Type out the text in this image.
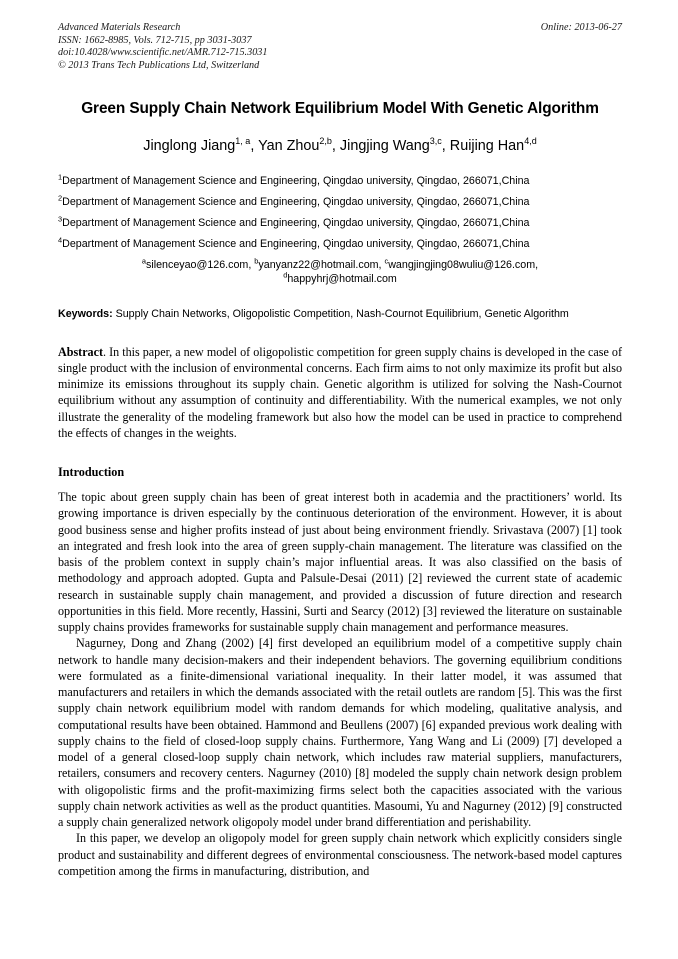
Online: 2013-06-27
Advanced Materials Research
ISSN: 1662-8985, Vols. 712-715, pp 3031-3037
doi:10.4028/www.scientific.net/AMR.712-715.3031
© 2013 Trans Tech Publications Ltd, Switzerland
Green Supply Chain Network Equilibrium Model With Genetic Algorithm
Jinglong Jiang$^{1, a}$, Yan Zhou$^{2,b}$, Jingjing Wang$^{3,c}$, Ruijing Han$^{4,d}$
$^1$Department of Management Science and Engineering, Qingdao university, Qingdao, 266071,China
$^2$Department of Management Science and Engineering, Qingdao university, Qingdao, 266071,China
$^3$Department of Management Science and Engineering, Qingdao university, Qingdao, 266071,China
$^4$Department of Management Science and Engineering, Qingdao university, Qingdao, 266071,China
$^a$silenceyao@126.com, $^b$yanyanz22@hotmail.com, $^c$wangjingjing08wuliu@126.com,
$^d$happyhrj@hotmail.com
Keywords: Supply Chain Networks, Oligopolistic Competition, Nash-Cournot Equilibrium, Genetic Algorithm
Abstract. In this paper, a new model of oligopolistic competition for green supply chains is developed in the case of single product with the inclusion of environmental concerns. Each firm aims to not only maximize its profit but also minimize its emissions throughout its supply chain. Genetic algorithm is utilized for solving the Nash-Cournot equilibrium without any assumption of continuity and differentiability. With the numerical examples, we not only illustrate the generality of the modeling framework but also how the model can be used in practice to comprehend the effects of changes in the weights.
Introduction
The topic about green supply chain has been of great interest both in academia and the practitioners’ world. Its growing importance is driven especially by the continuous deterioration of the environment. However, it is about good business sense and higher profits instead of just about being environment friendly. Srivastava (2007) [1] took an integrated and fresh look into the area of green supply-chain management. The literature was classified on the basis of the problem context in supply chain’s major influential areas. It was also classified on the basis of methodology and approach adopted. Gupta and Palsule-Desai (2011) [2] reviewed the current state of academic research in sustainable supply chain management, and provided a discussion of future direction and research opportunities in this field. More recently, Hassini, Surti and Searcy (2012) [3] reviewed the literature on sustainable supply chains provides frameworks for sustainable supply chain management and performance measures.
Nagurney, Dong and Zhang (2002) [4] first developed an equilibrium model of a competitive supply chain network to handle many decision-makers and their independent behaviors. The governing equilibrium conditions were formulated as a finite-dimensional variational inequality. In their latter model, it was assumed that manufacturers and retailers in which the demands associated with the retail outlets are random [5]. This was the first supply chain network equilibrium model with random demands for which modeling, qualitative analysis, and computational results have been obtained. Hammond and Beullens (2007) [6] expanded previous work dealing with supply chains to the field of closed-loop supply chains. Furthermore, Yang Wang and Li (2009) [7] developed a model of a general closed-loop supply chain network, which includes raw material suppliers, manufacturers, retailers, consumers and recovery centers. Nagurney (2010) [8] modeled the supply chain network design problem with oligopolistic firms and the profit-maximizing firms select both the capacities associated with the various supply chain network activities as well as the product quantities. Masoumi, Yu and Nagurney (2012) [9] constructed a supply chain generalized network oligopoly model under brand differentiation and perishability.
In this paper, we develop an oligopoly model for green supply chain network which explicitly considers single product and sustainability and different degrees of environmental consciousness. The network-based model captures competition among the firms in manufacturing, distribution, and
